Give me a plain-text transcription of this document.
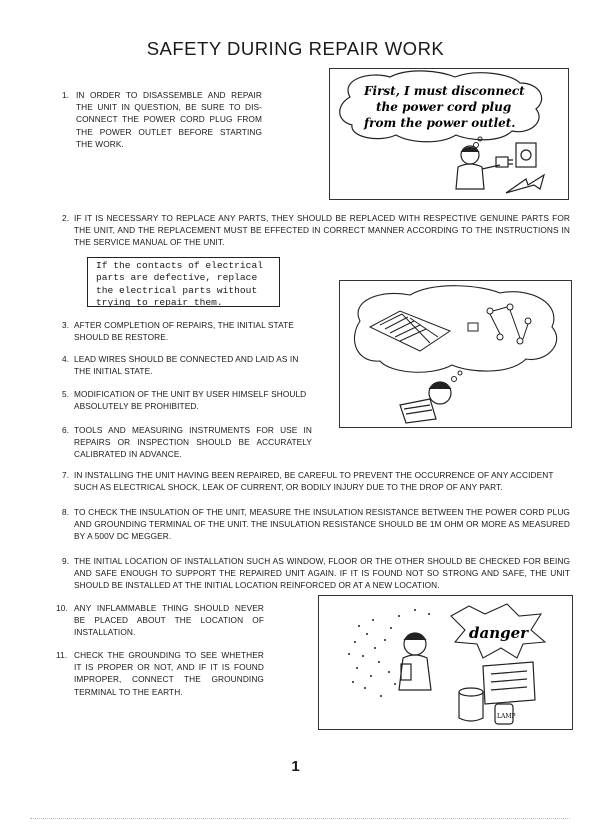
SAFETY DURING REPAIR WORK
1. IN ORDER TO DISASSEMBLE AND REPAIR THE UNIT IN QUESTION, BE SURE TO DIS- CONNECT THE POWER CORD PLUG FROM THE POWER OUTLET BEFORE STARTING THE WORK.
First, I must disconnect
the power cord plug
from the power outlet.
2. IF IT IS NECESSARY TO REPLACE ANY PARTS, THEY SHOULD BE REPLACED WITH RESPECTIVE GENUINE PARTS FOR THE UNIT, AND THE REPLACEMENT MUST BE EFFECTED IN CORRECT MANNER ACCORDING TO THE INSTRUCTIONS IN THE SERVICE MANUAL OF THE UNIT.
If the contacts of electrical
parts are defective, replace
the electrical parts without
trying to repair them.
3. AFTER COMPLETION OF REPAIRS, THE INITIAL STATE SHOULD BE RESTORE.
4. LEAD WIRES SHOULD BE CONNECTED AND LAID AS IN THE INITIAL STATE.
5. MODIFICATION OF THE UNIT BY USER HIMSELF SHOULD ABSOLUTELY BE PROHIBITED.
6. TOOLS AND MEASURING INSTRUMENTS FOR USE IN REPAIRS OR INSPECTION SHOULD BE ACCURATELY CALIBRATED IN ADVANCE.
7. IN INSTALLING THE UNIT HAVING BEEN REPAIRED, BE CAREFUL TO PREVENT THE OCCURRENCE OF ANY ACCIDENT SUCH AS ELECTRICAL SHOCK, LEAK OF CURRENT, OR BODILY INJURY DUE TO THE DROP OF ANY PART.
8. TO CHECK THE INSULATION OF THE UNIT, MEASURE THE INSULATION RESISTANCE BETWEEN THE POWER CORD PLUG AND GROUNDING TERMINAL OF THE UNIT. THE INSULATION RESISTANCE SHOULD BE 1M OHM OR MORE AS MEASURED BY A 500V DC MEGGER.
9. THE INITIAL LOCATION OF INSTALLATION SUCH AS WINDOW, FLOOR OR THE OTHER SHOULD BE CHECKED FOR BEING AND SAFE ENOUGH TO SUPPORT THE REPAIRED UNIT AGAIN. IF IT IS FOUND NOT SO STRONG AND SAFE, THE UNIT SHOULD BE INSTALLED AT THE INITIAL LOCATION REINFORCED OR AT A NEW LOCATION.
10. ANY INFLAMMABLE THING SHOULD NEVER BE PLACED ABOUT THE LOCATION OF INSTALLATION.
11. CHECK THE GROUNDING TO SEE WHETHER IT IS PROPER OR NOT, AND IF IT IS FOUND IMPROPER, CONNECT THE GROUNDING TERMINAL TO THE EARTH.
danger
LAMP
1
